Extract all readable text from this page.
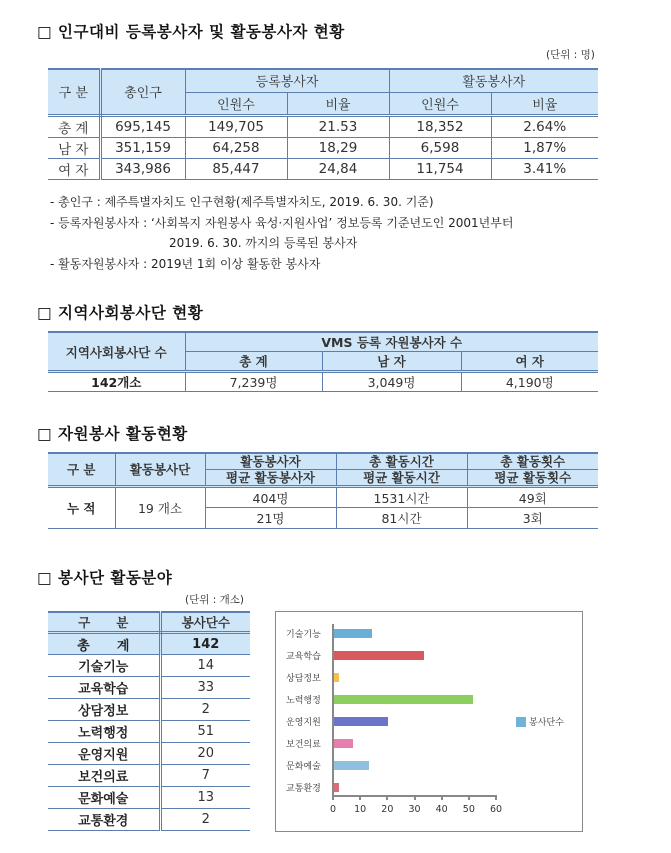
□ 인구대비 등록봉사자 및 활동봉사자 현황
(단위 : 명)
구 분	총인구	등록봉사자		활동봉사자	
		인원수	비율	인원수	비율
총 계	695,145	149,705	21.53	18,352	2.64%
남 자	351,159	64,258	18,29	6,598	1,87%
여 자	343,986	85,447	24,84	11,754	3.41%
- 총인구 : 제주특별자치도 인구현황(제주특별자치도, 2019. 6. 30. 기준)
- 등록자원봉사자 : ‘사회복지 자원봉사 육성·지원사업’ 정보등록 기준년도인 2001년부터
2019. 6. 30. 까지의 등록된 봉사자
- 활동자원봉사자 : 2019년 1회 이상 활동한 봉사자
□ 지역사회봉사단 현황
지역사회봉사단 수	VMS 등록 자원봉사자 수		
	총 계	남 자	여 자
142개소	7,239명	3,049명	4,190명
□ 자원봉사 활동현황
구 분	활동봉사단	활동봉사자	총 활동시간	총 활동횟수
		평균 활동봉사자	평균 활동시간	평균 활동횟수
누 적	19 개소	404명	1531시간	49회
		21명	81시간	3회
□ 봉사단 활동분야
(단위 : 개소)
구      분	봉사단수
총      계	142
기술기능	14
교육학습	33
상담정보	2
노력행정	51
운영지원	20
보건의료	7
문화예술	13
교통환경	2
기술기능
교육학습
상담정보
노력행정
운영지원
보건의료
문화예술
교통환경
0	10	20	30	40	50	60
봉사단수
